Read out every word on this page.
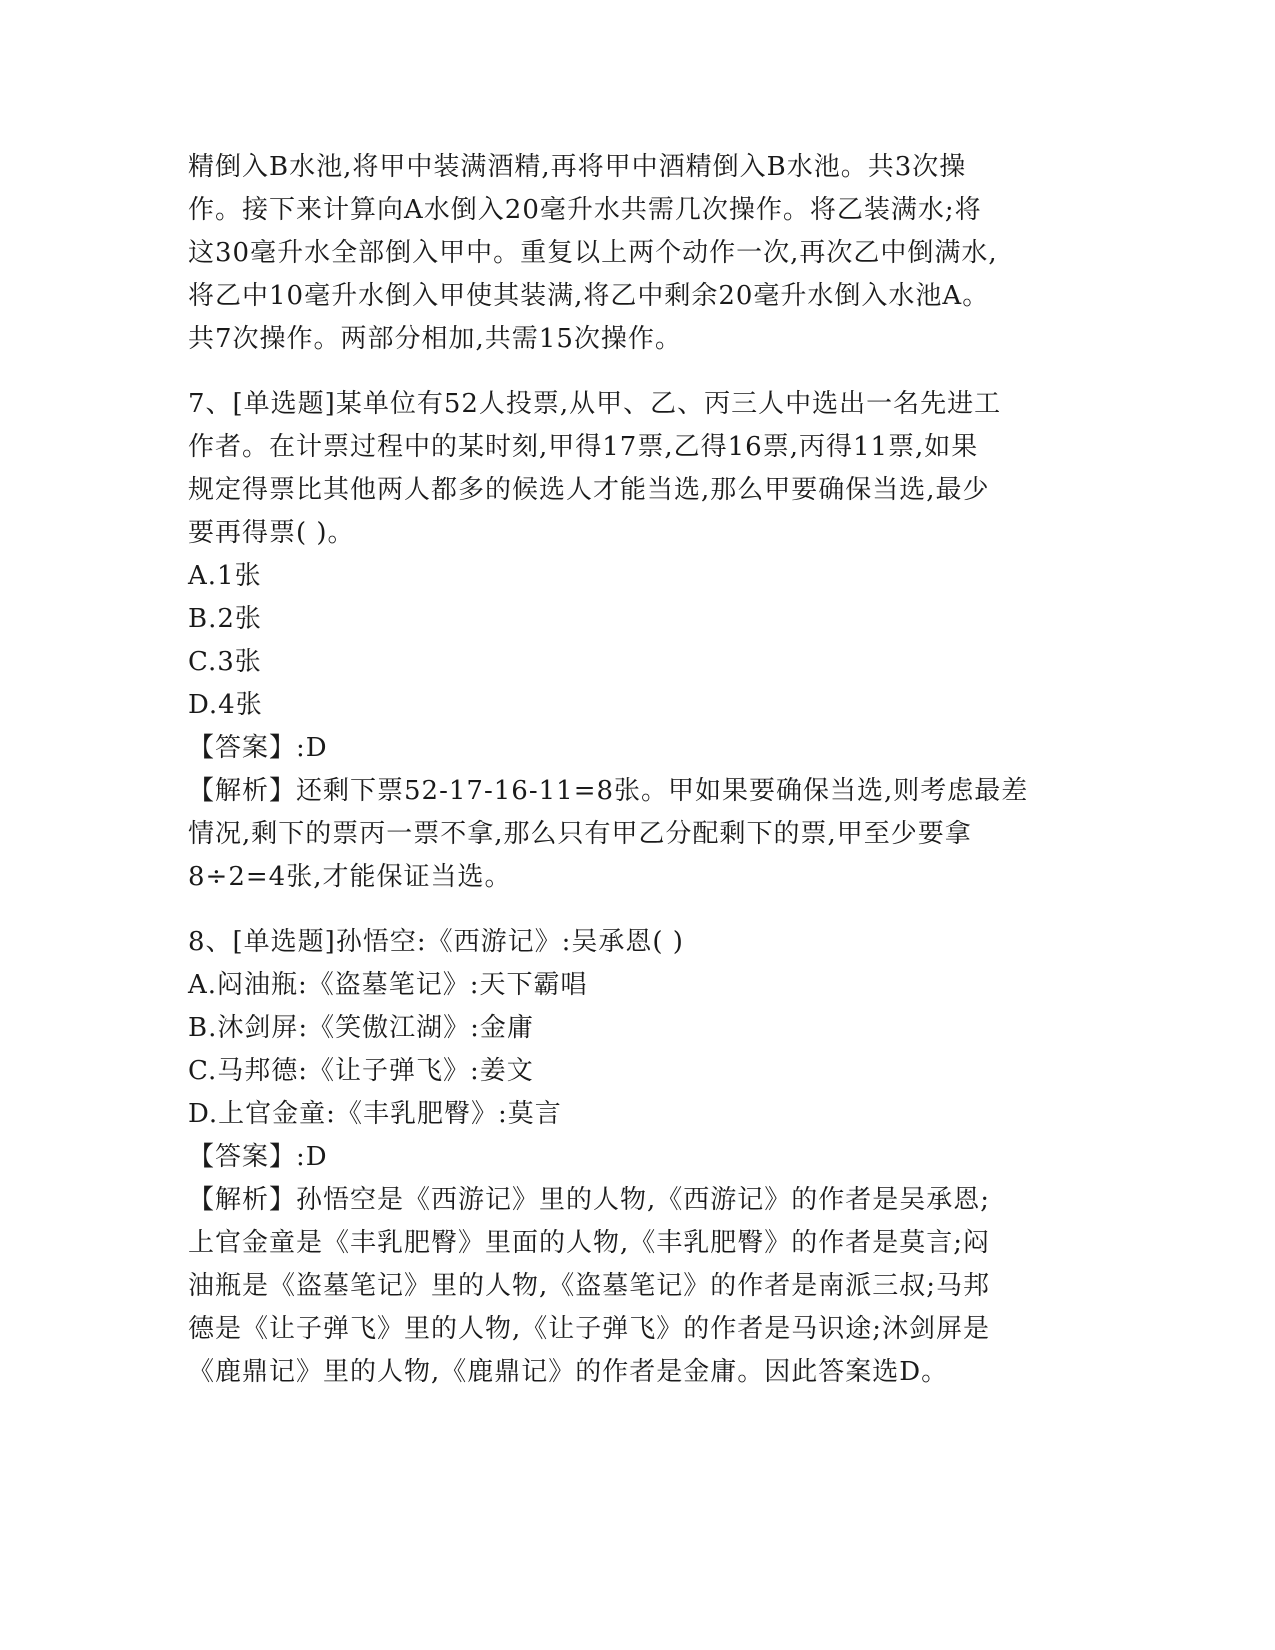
精倒入B水池,将甲中装满酒精,再将甲中酒精倒入B水池。共3次操
作。接下来计算向A水倒入20毫升水共需几次操作。将乙装满水;将
这30毫升水全部倒入甲中。重复以上两个动作一次,再次乙中倒满水,
将乙中10毫升水倒入甲使其装满,将乙中剩余20毫升水倒入水池A。
共7次操作。两部分相加,共需15次操作。
7、[单选题]某单位有52人投票,从甲、乙、丙三人中选出一名先进工
作者。在计票过程中的某时刻,甲得17票,乙得16票,丙得11票,如果
规定得票比其他两人都多的候选人才能当选,那么甲要确保当选,最少
要再得票( )。
A.1张
B.2张
C.3张
D.4张
【答案】:D
【解析】还剩下票52-17-16-11=8张。甲如果要确保当选,则考虑最差
情况,剩下的票丙一票不拿,那么只有甲乙分配剩下的票,甲至少要拿
8÷2=4张,才能保证当选。
8、[单选题]孙悟空:《西游记》:吴承恩( )
A.闷油瓶:《盗墓笔记》:天下霸唱
B.沐剑屏:《笑傲江湖》:金庸
C.马邦德:《让子弹飞》:姜文
D.上官金童:《丰乳肥臀》:莫言
【答案】:D
【解析】孙悟空是《西游记》里的人物,《西游记》的作者是吴承恩;
上官金童是《丰乳肥臀》里面的人物,《丰乳肥臀》的作者是莫言;闷
油瓶是《盗墓笔记》里的人物,《盗墓笔记》的作者是南派三叔;马邦
德是《让子弹飞》里的人物,《让子弹飞》的作者是马识途;沐剑屏是
《鹿鼎记》里的人物,《鹿鼎记》的作者是金庸。因此答案选D。
